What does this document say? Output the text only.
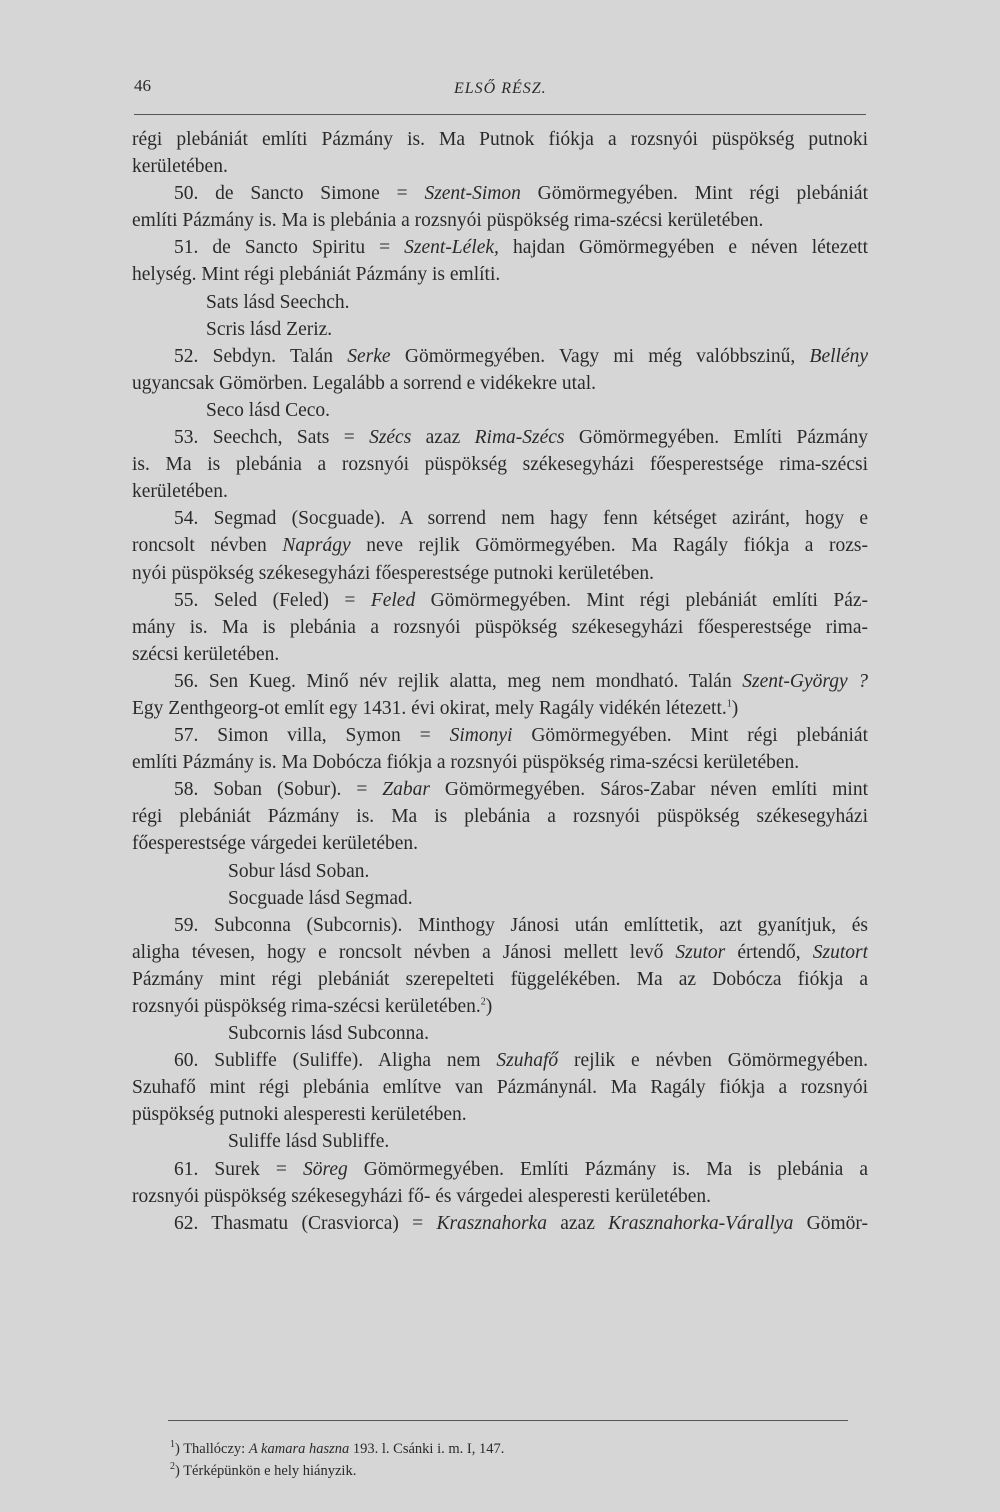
46	ELSŐ RÉSZ.
régi plebániát említi Pázmány is. Ma Putnok fiókja a rozsnyói püspökség putnoki
kerületében.
50. de Sancto Simone = Szent-Simon Gömörmegyében. Mint régi plebániát
említi Pázmány is. Ma is plebánia a rozsnyói püspökség rima-szécsi kerületében.
51. de Sancto Spiritu = Szent-Lélek, hajdan Gömörmegyében e néven létezett
helység. Mint régi plebániát Pázmány is említi.
Sats lásd Seechch.
Scris lásd Zeriz.
52. Sebdyn. Talán Serke Gömörmegyében. Vagy mi még valóbbszinű, Bellény
ugyancsak Gömörben. Legalább a sorrend e vidékekre utal.
Seco lásd Ceco.
53. Seechch, Sats = Szécs azaz Rima-Szécs Gömörmegyében. Említi Pázmány
is. Ma is plebánia a rozsnyói püspökség székesegyházi főesperestsége rima-szécsi
kerületében.
54. Segmad (Socguade). A sorrend nem hagy fenn kétséget aziránt, hogy e
roncsolt névben Naprágy neve rejlik Gömörmegyében. Ma Ragály fiókja a rozs-
nyói püspökség székesegyházi főesperestsége putnoki kerületében.
55. Seled (Feled) = Feled Gömörmegyében. Mint régi plebániát említi Páz-
mány is. Ma is plebánia a rozsnyói püspökség székesegyházi főesperestsége rima-
szécsi kerületében.
56. Sen Kueg. Minő név rejlik alatta, meg nem mondható. Talán Szent-György ?
Egy Zenthgeorg-ot említ egy 1431. évi okirat, mely Ragály vidékén létezett.$^1$)
57. Simon villa, Symon = Simonyi Gömörmegyében. Mint régi plebániát
említi Pázmány is. Ma Dobócza fiókja a rozsnyói püspökség rima-szécsi kerületében.
58. Soban (Sobur). = Zabar Gömörmegyében. Sáros-Zabar néven említi mint
régi plebániát Pázmány is. Ma is plebánia a rozsnyói püspökség székesegyházi
főesperestsége várgedei kerületében.
Sobur lásd Soban.
Socguade lásd Segmad.
59. Subconna (Subcornis). Minthogy Jánosi után említtetik, azt gyanítjuk, és
aligha tévesen, hogy e roncsolt névben a Jánosi mellett levő Szutor értendő, Szutort
Pázmány mint régi plebániát szerepelteti függelékében. Ma az Dobócza fiókja a
rozsnyói püspökség rima-szécsi kerületében.$^2$)
Subcornis lásd Subconna.
60. Subliffe (Suliffe). Aligha nem Szuhafő rejlik e névben Gömörmegyében.
Szuhafő mint régi plebánia említve van Pázmánynál. Ma Ragály fiókja a rozsnyói
püspökség putnoki alesperesti kerületében.
Suliffe lásd Subliffe.
61. Surek = Söreg Gömörmegyében. Említi Pázmány is. Ma is plebánia a
rozsnyói püspökség székesegyházi fő- és várgedei alesperesti kerületében.
62. Thasmatu (Crasviorca) = Krasznahorka azaz Krasznahorka-Várallya Gömör-
$^1$) Thallóczy: A kamara haszna 193. l. Csánki i. m. I, 147.
$^2$) Térképünkön e hely hiányzik.
